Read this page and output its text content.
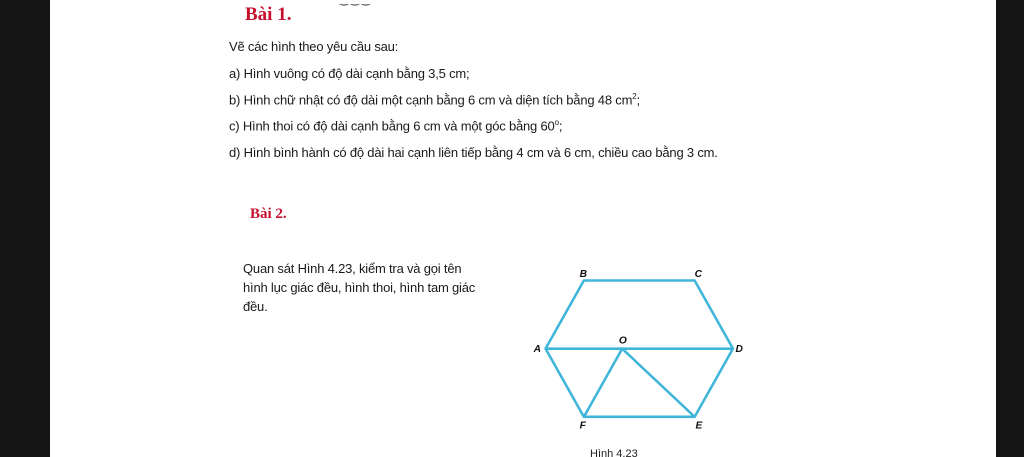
‿ ‿ ‿
Bài 1.
Vẽ các hình theo yêu cầu sau:
a) Hình vuông có độ dài cạnh bằng 3,5 cm;
b) Hình chữ nhật có độ dài một cạnh bằng 6 cm và diện tích bằng 48 $cm^2$;
c) Hình thoi có độ dài cạnh bằng 6 cm và một góc bằng 60$^o$;
d) Hình bình hành có độ dài hai cạnh liên tiếp bằng 4 cm và 6 cm, chiều cao bằng 3 cm.
Bài 2.
Quan sát Hình 4.23, kiểm tra và gọi tên hình lục giác đều, hình thoi, hình tam giác đều.
A
B	C
D
E
F
O
Hình 4.23
